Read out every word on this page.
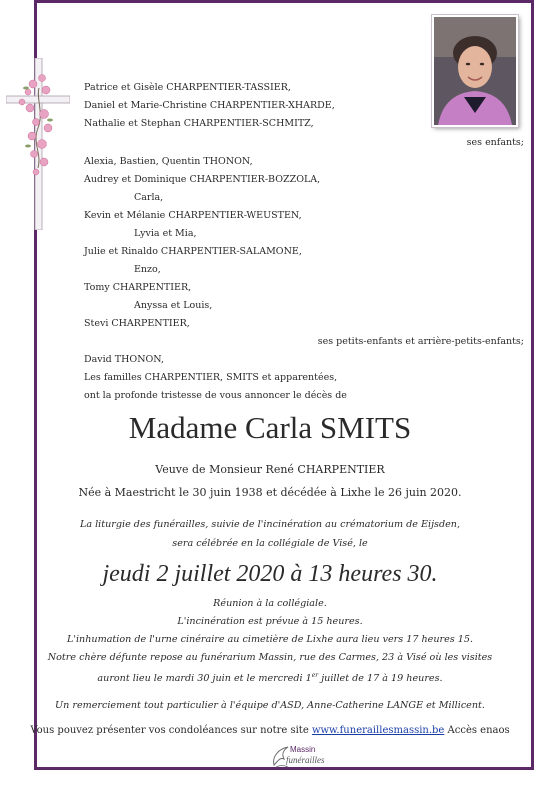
Patrice et Gisèle CHARPENTIER-TASSIER,
Daniel et Marie-Christine CHARPENTIER-XHARDE,
Nathalie et Stephan CHARPENTIER-SCHMITZ,
ses enfants;
Alexia, Bastien, Quentin THONON,
Audrey et Dominique CHARPENTIER-BOZZOLA,
Carla,
Kevin et Mélanie CHARPENTIER-WEUSTEN,
Lyvia et Mia,
Julie et Rinaldo CHARPENTIER-SALAMONE,
Enzo,
Tomy CHARPENTIER,
Anyssa et Louis,
Stevi CHARPENTIER,
ses petits-enfants et arrière-petits-enfants;
David THONON,
Les familles CHARPENTIER, SMITS et apparentées,
ont la profonde tristesse de vous annoncer le décès de
Madame Carla SMITS
Veuve de Monsieur René CHARPENTIER
Née à Maestricht le 30 juin 1938 et décédée à Lixhe le 26 juin 2020.
La liturgie des funérailles, suivie de l'incinération au crématorium de Eijsden,
sera célébrée en la collégiale de Visé, le
jeudi 2 juillet 2020 à 13 heures 30.
Réunion à la collégiale.
L'incinération est prévue à 15 heures.
L'inhumation de l'urne cinéraire au cimetière de Lixhe aura lieu vers 17 heures 15.
Notre chère défunte repose au funérarium Massin, rue des Carmes, 23 à Visé où les visites
auront lieu le mardi 30 juin et le mercredi 1er juillet de 17 à 19 heures.
Un remerciement tout particulier à l'équipe d'ASD, Anne-Catherine LANGE et Millicent.
Vous pouvez présenter vos condoléances sur notre site www.funeraillesmassin.be Accès enaos
Massin
funérailles
